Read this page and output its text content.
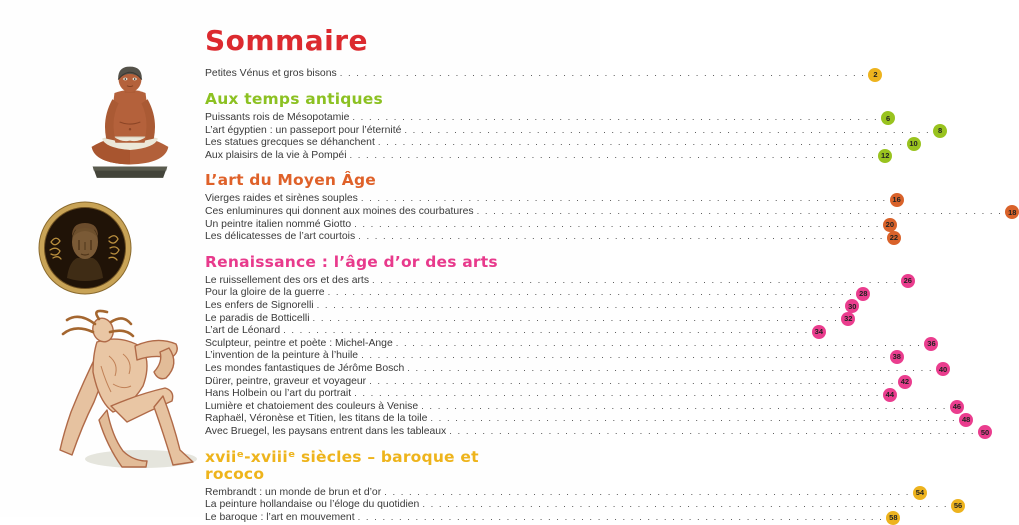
Sommaire
Petites Vénus et gros bisons . . .	2
Aux temps antiques
Puissants rois de Mésopotamie . . .	6
L’art égyptien : un passeport pour l’éternité . . .	8
Les statues grecques se déhanchent . . .	10
Aux plaisirs de la vie à Pompéi . . .	12
L’art du Moyen Âge
Vierges raides et sirènes souples . . .	16
Ces enluminures qui donnent aux moines des courbatures . . .	18
Un peintre italien nommé Giotto . . .	20
Les délicatesses de l’art courtois . . .	22
Renaissance : l’âge d’or des arts
Le ruissellement des ors et des arts . . .	26
Pour la gloire de la guerre . . .	28
Les enfers de Signorelli . . .	30
Le paradis de Botticelli . . .	32
L’art de Léonard . . .	34
Sculpteur, peintre et poète : Michel-Ange . . .	36
L’invention de la peinture à l’huile . . .	38
Les mondes fantastiques de Jérôme Bosch . . .	40
Dürer, peintre, graveur et voyageur . . .	42
Hans Holbein ou l’art du portrait . . .	44
Lumière et chatoiement des couleurs à Venise . . .	46
Raphaël, Véronèse et Titien, les titans de la toile . . .	48
Avec Bruegel, les paysans entrent dans les tableaux . . .	50
xviiᵉ-xviiiᵉ siècles – baroque et rococo
Rembrandt : un monde de brun et d’or . . .	54
La peinture hollandaise ou l’éloge du quotidien . . .	56
Le baroque : l’art en mouvement . . .	58
